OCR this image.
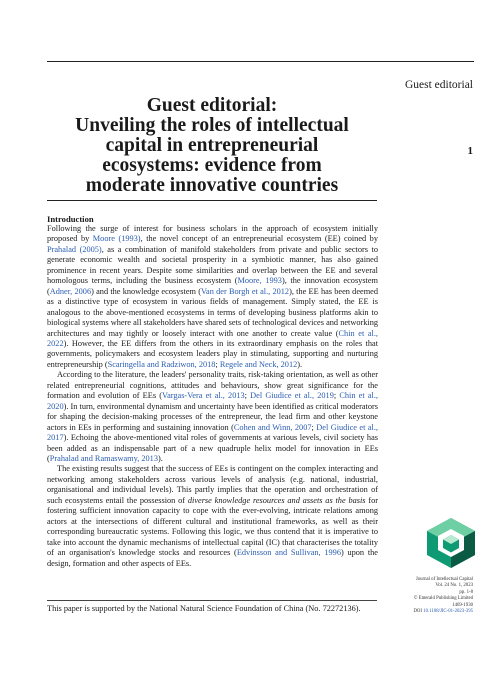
Guest editorial
1
Guest editorial:
Unveiling the roles of intellectual
capital in entrepreneurial
ecosystems: evidence from
moderate innovative countries
Introduction

Following the surge of interest for business scholars in the approach of ecosystem initially proposed by Moore (1993), the novel concept of an entrepreneurial ecosystem (EE) coined by Prahalad (2005), as a combination of manifold stakeholders from private and public sectors to generate economic wealth and societal prosperity in a symbiotic manner, has also gained prominence in recent years. Despite some similarities and overlap between the EE and several homologous terms, including the business ecosystem (Moore, 1993), the innovation ecosystem (Adner, 2006) and the knowledge ecosystem (Van der Borgh et al., 2012), the EE has been deemed as a distinctive type of ecosystem in various fields of management. Simply stated, the EE is analogous to the above-mentioned ecosystems in terms of developing business platforms akin to biological systems where all stakeholders have shared sets of technological devices and networking architectures and may tightly or loosely interact with one another to create value (Chin et al., 2022). However, the EE differs from the others in its extraordinary emphasis on the roles that governments, policymakers and ecosystem leaders play in stimulating, supporting and nurturing entrepreneurship (Scaringella and Radziwon, 2018; Regele and Neck, 2012).

According to the literature, the leaders' personality traits, risk-taking orientation, as well as other related entrepreneurial cognitions, attitudes and behaviours, show great significance for the formation and evolution of EEs (Vargas-Vera et al., 2013; Del Giudice et al., 2019; Chin et al., 2020). In turn, environmental dynamism and uncertainty have been identified as critical moderators for shaping the decision-making processes of the entrepreneur, the lead firm and other keystone actors in EEs in performing and sustaining innovation (Cohen and Winn, 2007; Del Giudice et al., 2017). Echoing the above-mentioned vital roles of governments at various levels, civil society has been added as an indispensable part of a new quadruple helix model for innovation in EEs (Prahalad and Ramaswamy, 2013).

The existing results suggest that the success of EEs is contingent on the complex interacting and networking among stakeholders across various levels of analysis (e.g. national, industrial, organisational and individual levels). This partly implies that the operation and orchestration of such ecosystems entail the possession of diverse knowledge resources and assets as the basis for fostering sufficient innovation capacity to cope with the ever-evolving, intricate relations among actors at the intersections of different cultural and institutional frameworks, as well as their corresponding bureaucratic systems. Following this logic, we thus contend that it is imperative to take into account the dynamic mechanisms of intellectual capital (IC) that characterises the totality of an organisation's knowledge stocks and resources (Edvinsson and Sullivan, 1996) upon the design, formation and other aspects of EEs.

This paper is supported by the National Natural Science Foundation of China (No. 72272136).
Journal of Intellectual Capital
Vol. 24 No. 1, 2023
pp. 1-8
© Emerald Publishing Limited
1469-1930
DOI 10.1108/JIC-01-2023-395
